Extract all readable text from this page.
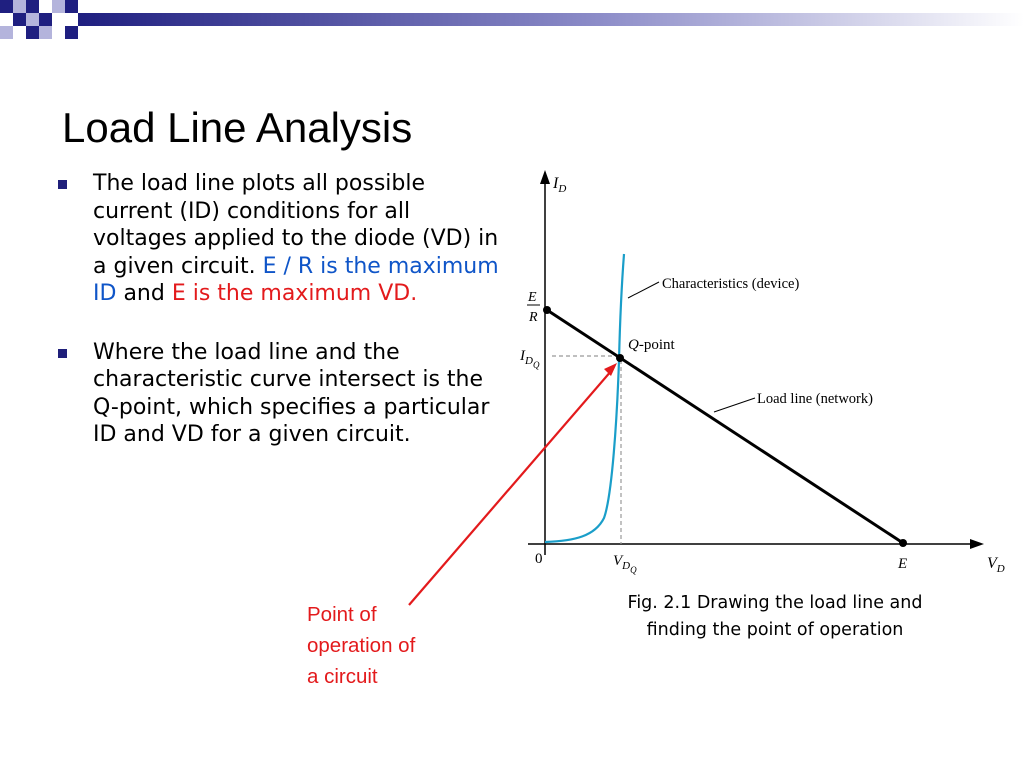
Load Line Analysis
The load line plots all possible current (ID) conditions for all voltages applied to the diode (VD) in a given circuit. E / R is the maximum ID and E is the maximum VD.
Where the load line and the characteristic curve intersect is the Q-point, which specifies a particular ID and VD for a given circuit.
$I_D$
E
R
$I_{DQ}$
0	$V_{DQ}$	E	$V_D$
Q-point
Characteristics (device)
Load line (network)
Fig. 2.1 Drawing the load line and
finding the point of operation
Point of
operation of
a circuit
